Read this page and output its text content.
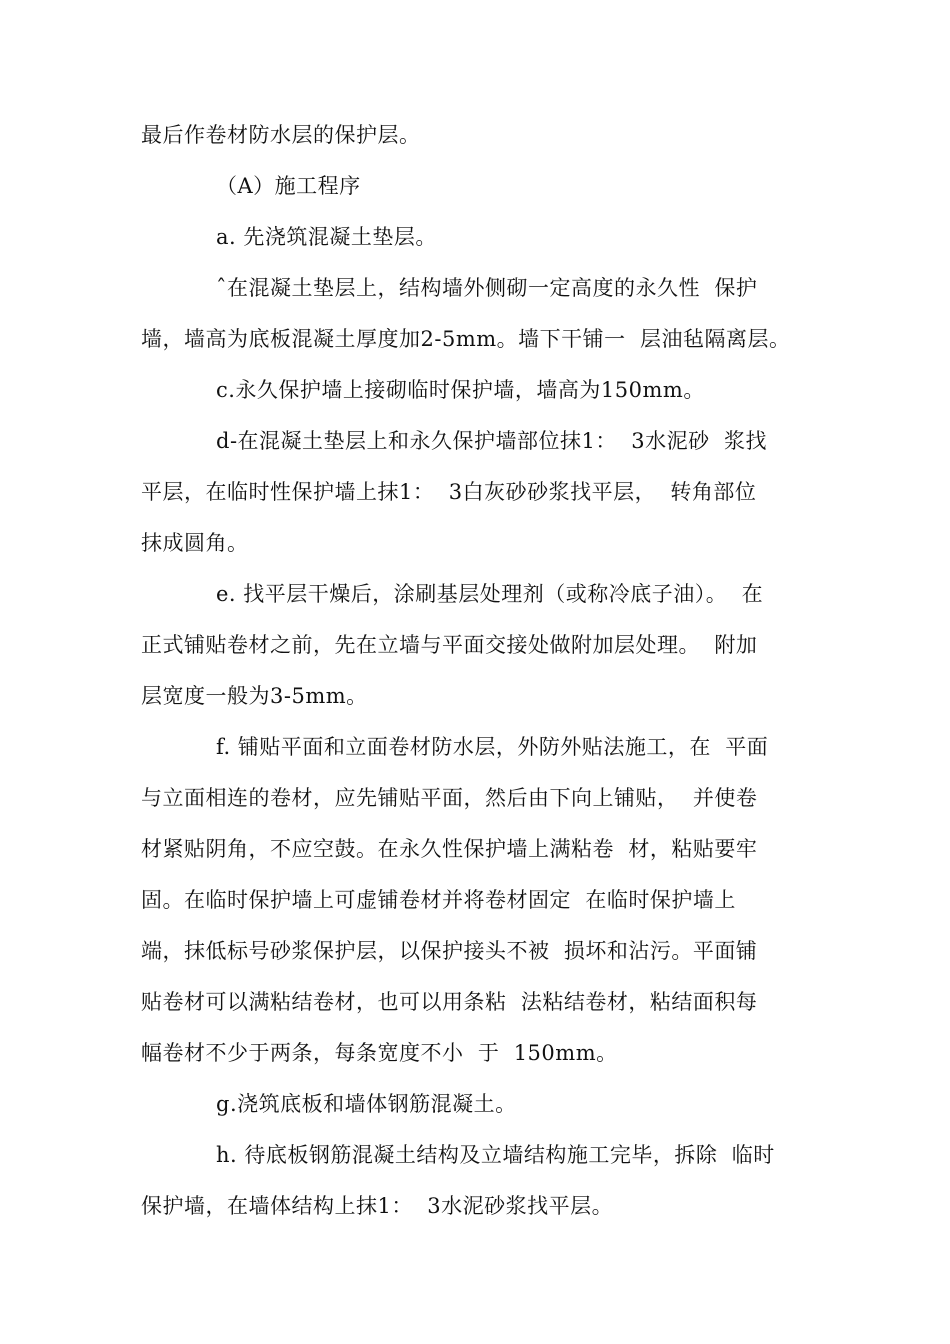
最后作卷材防水层的保护层。
（A）施工程序
a. 先浇筑混凝土垫层。
ˆ在混凝土垫层上，结构墙外侧砌一定高度的永久性  保护
墙，墙高为底板混凝土厚度加2-5mm。墙下干铺一  层油毡隔离层。
c.永久保护墙上接砌临时保护墙，墙高为150mm。
d-在混凝土垫层上和永久保护墙部位抹1：  3水泥砂  浆找
平层，在临时性保护墙上抹1：  3白灰砂砂浆找平层，  转角部位
抹成圆角。
e. 找平层干燥后，涂刷基层处理剂（或称冷底子油）。  在
正式铺贴卷材之前，先在立墙与平面交接处做附加层处理。  附加
层宽度一般为3-5mm。
f. 铺贴平面和立面卷材防水层，外防外贴法施工，在  平面
与立面相连的卷材，应先铺贴平面，然后由下向上铺贴，  并使卷
材紧贴阴角，不应空鼓。在永久性保护墙上满粘卷  材，粘贴要牢
固。在临时保护墙上可虚铺卷材并将卷材固定  在临时保护墙上
端，抹低标号砂浆保护层，以保护接头不被  损坏和沾污。平面铺
贴卷材可以满粘结卷材，也可以用条粘  法粘结卷材，粘结面积每
幅卷材不少于两条，每条宽度不小  于  150mm。
g.浇筑底板和墙体钢筋混凝土。
h. 待底板钢筋混凝土结构及立墙结构施工完毕，拆除  临时
保护墙，在墙体结构上抹1：  3水泥砂浆找平层。
